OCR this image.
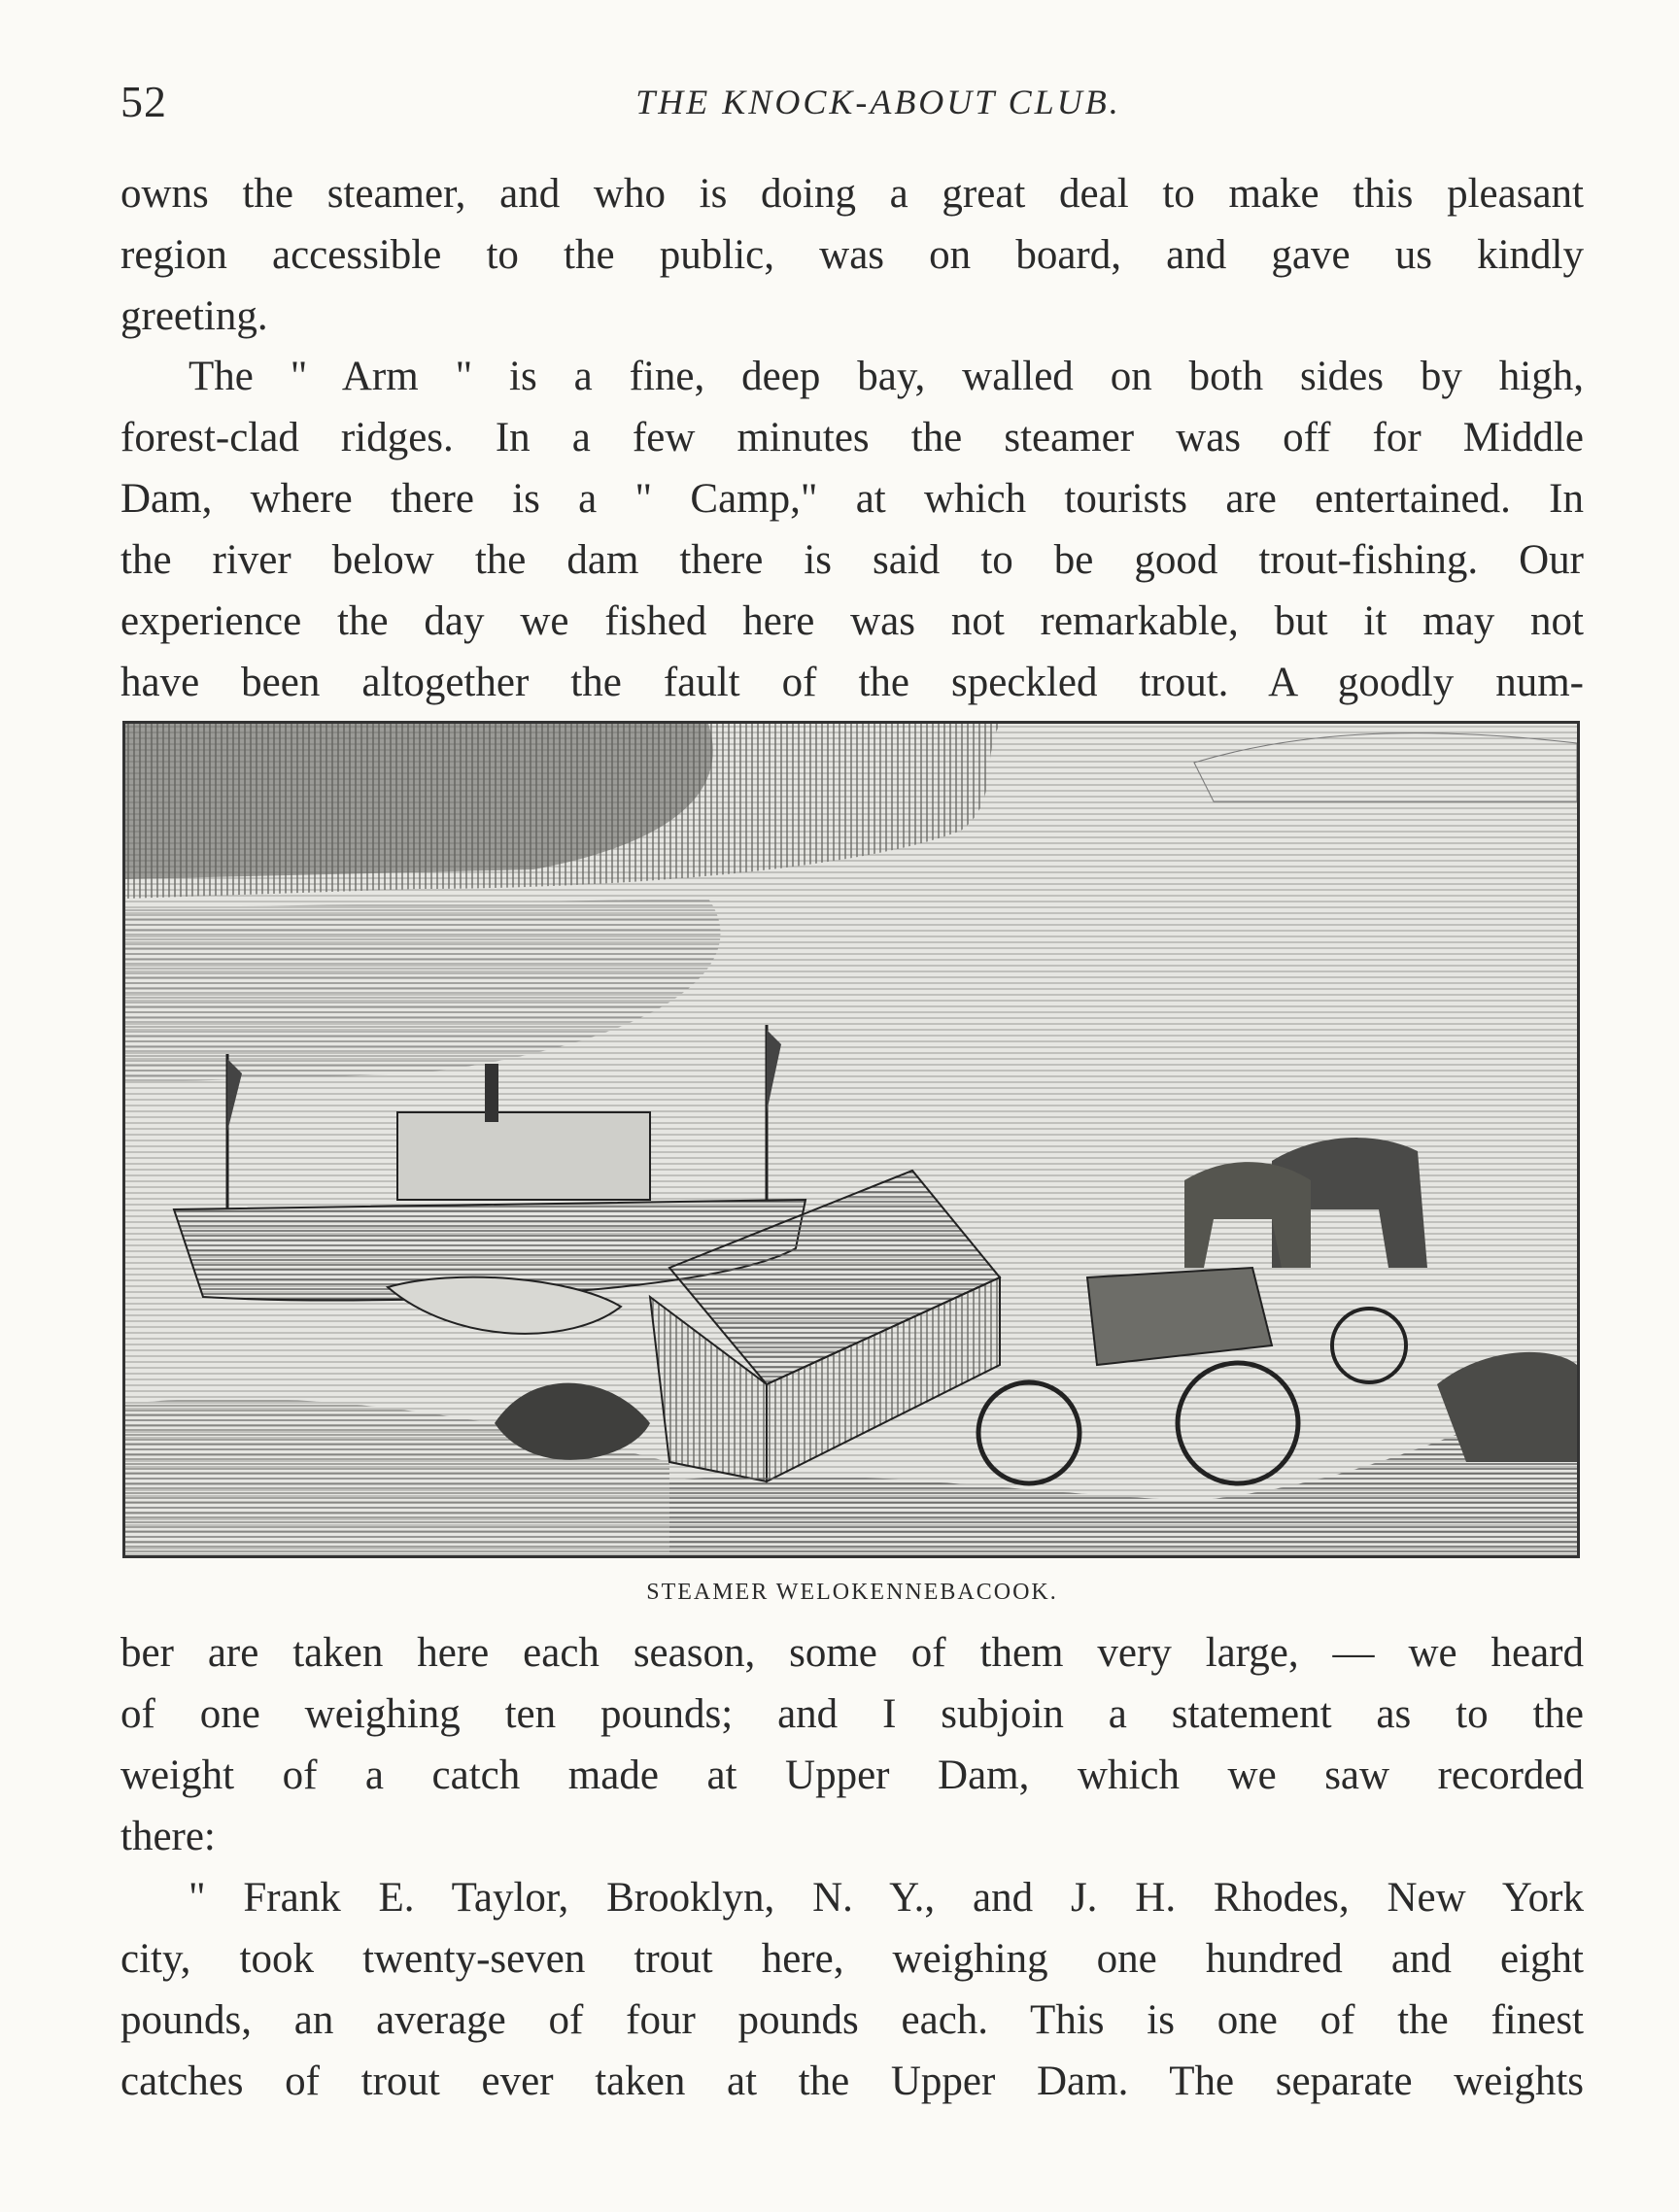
52	THE KNOCK-ABOUT CLUB.

owns the steamer, and who is doing a great deal to make this pleasant
region accessible to the public, was on board, and gave us kindly
greeting.

The " Arm " is a fine, deep bay, walled on both sides by high,
forest-clad ridges. In a few minutes the steamer was off for Middle
Dam, where there is a " Camp," at which tourists are entertained. In
the river below the dam there is said to be good trout-fishing. Our
experience the day we fished here was not remarkable, but it may not
have been altogether the fault of the speckled trout. A goodly num-

STEAMER WELOKENNEBACOOK.

ber are taken here each season, some of them very large, — we heard
of one weighing ten pounds; and I subjoin a statement as to the
weight of a catch made at Upper Dam, which we saw recorded
there:

" Frank E. Taylor, Brooklyn, N. Y., and J. H. Rhodes, New York
city, took twenty-seven trout here, weighing one hundred and eight
pounds, an average of four pounds each. This is one of the finest
catches of trout ever taken at the Upper Dam. The separate weights
